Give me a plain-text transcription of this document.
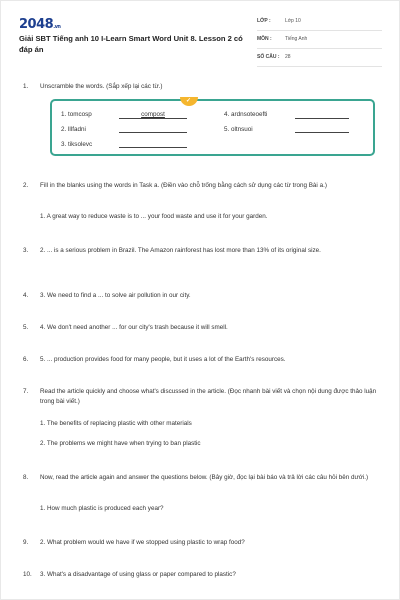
2048.vn
Giải SBT Tiếng anh 10 I-Learn Smart Word Unit 8. Lesson 2 có đáp án
LỚP :	Lớp 10
MÔN :	Tiếng Anh
SỐ CÂU :	28
1. Unscramble the words. (Sắp xếp lại các từ.)
✓
1. tomcosp	compost
2. lllfadni
3. tiksolevc
4. ardnsoteoefti
5. oltnsuoi
2. Fill in the blanks using the words in Task a. (Điền vào chỗ trống bằng cách sử dụng các từ trong Bài a.)
1. A great way to reduce waste is to ... your food waste and use it for your garden.
3. 2. ... is a serious problem in Brazil. The Amazon rainforest has lost more than 13% of its original size.
4. 3. We need to find a ... to solve air pollution in our city.
5. 4. We don't need another ... for our city's trash because it will smell.
6. 5. ... production provides food for many people, but it uses a lot of the Earth's resources.
7. Read the article quickly and choose what's discussed in the article. (Đọc nhanh bài viết và chọn nội dung được thảo luận trong bài viết.)
1. The benefits of replacing plastic with other materials
2. The problems we might have when trying to ban plastic
8. Now, read the article again and answer the questions below. (Bây giờ, đọc lại bài báo và trả lời các câu hỏi bên dưới.)
1. How much plastic is produced each year?
9. 2. What problem would we have if we stopped using plastic to wrap food?
10. 3. What's a disadvantage of using glass or paper compared to plastic?
